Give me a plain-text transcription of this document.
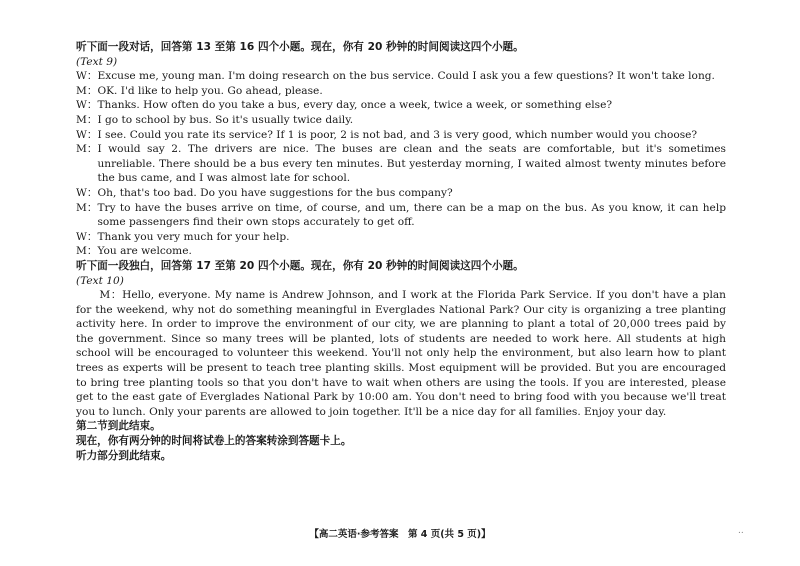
听下面一段对话，回答第 13 至第 16 四个小题。现在，你有 20 秒钟的时间阅读这四个小题。
(Text 9)
W： Excuse me, young man. I'm doing research on the bus service. Could I ask you a few questions? It won't take long.
M： OK. I'd like to help you. Go ahead, please.
W： Thanks. How often do you take a bus, every day, once a week, twice a week, or something else?
M： I go to school by bus. So it's usually twice daily.
W： I see. Could you rate its service? If 1 is poor, 2 is not bad, and 3 is very good, which number would you choose?
M： I would say 2. The drivers are nice. The buses are clean and the seats are comfortable, but it's sometimes unreliable. There should be a bus every ten minutes. But yesterday morning, I waited almost twenty minutes before the bus came, and I was almost late for school.
W： Oh, that's too bad. Do you have suggestions for the bus company?
M： Try to have the buses arrive on time, of course, and um, there can be a map on the bus. As you know, it can help some passengers find their own stops accurately to get off.
W： Thank you very much for your help.
M： You are welcome.
听下面一段独白，回答第 17 至第 20 四个小题。现在，你有 20 秒钟的时间阅读这四个小题。
(Text 10)
M：Hello, everyone. My name is Andrew Johnson, and I work at the Florida Park Service. If you don't have a plan for the weekend, why not do something meaningful in Everglades National Park? Our city is organizing a tree planting activity here. In order to improve the environment of our city, we are planning to plant a total of 20,000 trees paid by the government. Since so many trees will be planted, lots of students are needed to work here. All students at high school will be encouraged to volunteer this weekend. You'll not only help the environment, but also learn how to plant trees as experts will be present to teach tree planting skills. Most equipment will be provided. But you are encouraged to bring tree planting tools so that you don't have to wait when others are using the tools. If you are interested, please get to the east gate of Everglades National Park by 10:00 am. You don't need to bring food with you because we'll treat you to lunch. Only your parents are allowed to join together. It'll be a nice day for all families. Enjoy your day.
第二节到此结束。
现在，你有两分钟的时间将试卷上的答案转涂到答题卡上。
听力部分到此结束。
【高二英语·参考答案　第 4 页(共 5 页)】	..
